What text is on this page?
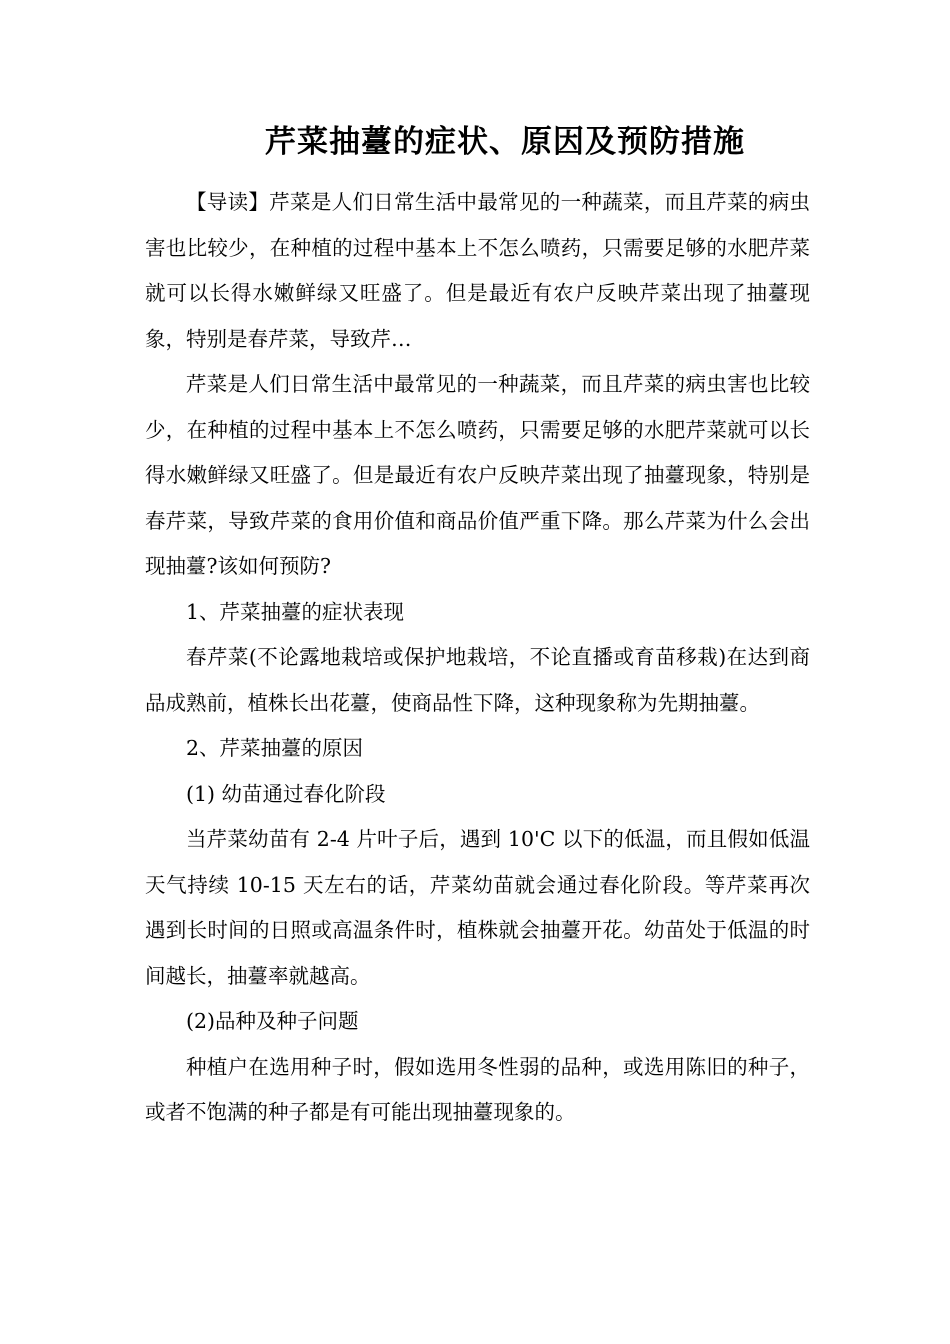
芹菜抽薹的症状、原因及预防措施

【导读】芹菜是人们日常生活中最常见的一种蔬菜，而且芹菜的病虫害也比较少，在种植的过程中基本上不怎么喷药，只需要足够的水肥芹菜就可以长得水嫩鲜绿又旺盛了。但是最近有农户反映芹菜出现了抽薹现象，特别是春芹菜，导致芹…

芹菜是人们日常生活中最常见的一种蔬菜，而且芹菜的病虫害也比较少，在种植的过程中基本上不怎么喷药，只需要足够的水肥芹菜就可以长得水嫩鲜绿又旺盛了。但是最近有农户反映芹菜出现了抽薹现象，特别是春芹菜，导致芹菜的食用价值和商品价值严重下降。那么芹菜为什么会出现抽薹?该如何预防?

1、芹菜抽薹的症状表现

春芹菜(不论露地栽培或保护地栽培，不论直播或育苗移栽)在达到商品成熟前，植株长出花薹，使商品性下降，这种现象称为先期抽薹。

2、芹菜抽薹的原因

(1) 幼苗通过春化阶段

当芹菜幼苗有 2-4 片叶子后，遇到 10'C 以下的低温，而且假如低温天气持续 10-15 天左右的话，芹菜幼苗就会通过春化阶段。等芹菜再次遇到长时间的日照或高温条件时，植株就会抽薹开花。幼苗处于低温的时间越长，抽薹率就越高。

(2)品种及种子问题

种植户在选用种子时，假如选用冬性弱的品种，或选用陈旧的种子，或者不饱满的种子都是有可能出现抽薹现象的。
